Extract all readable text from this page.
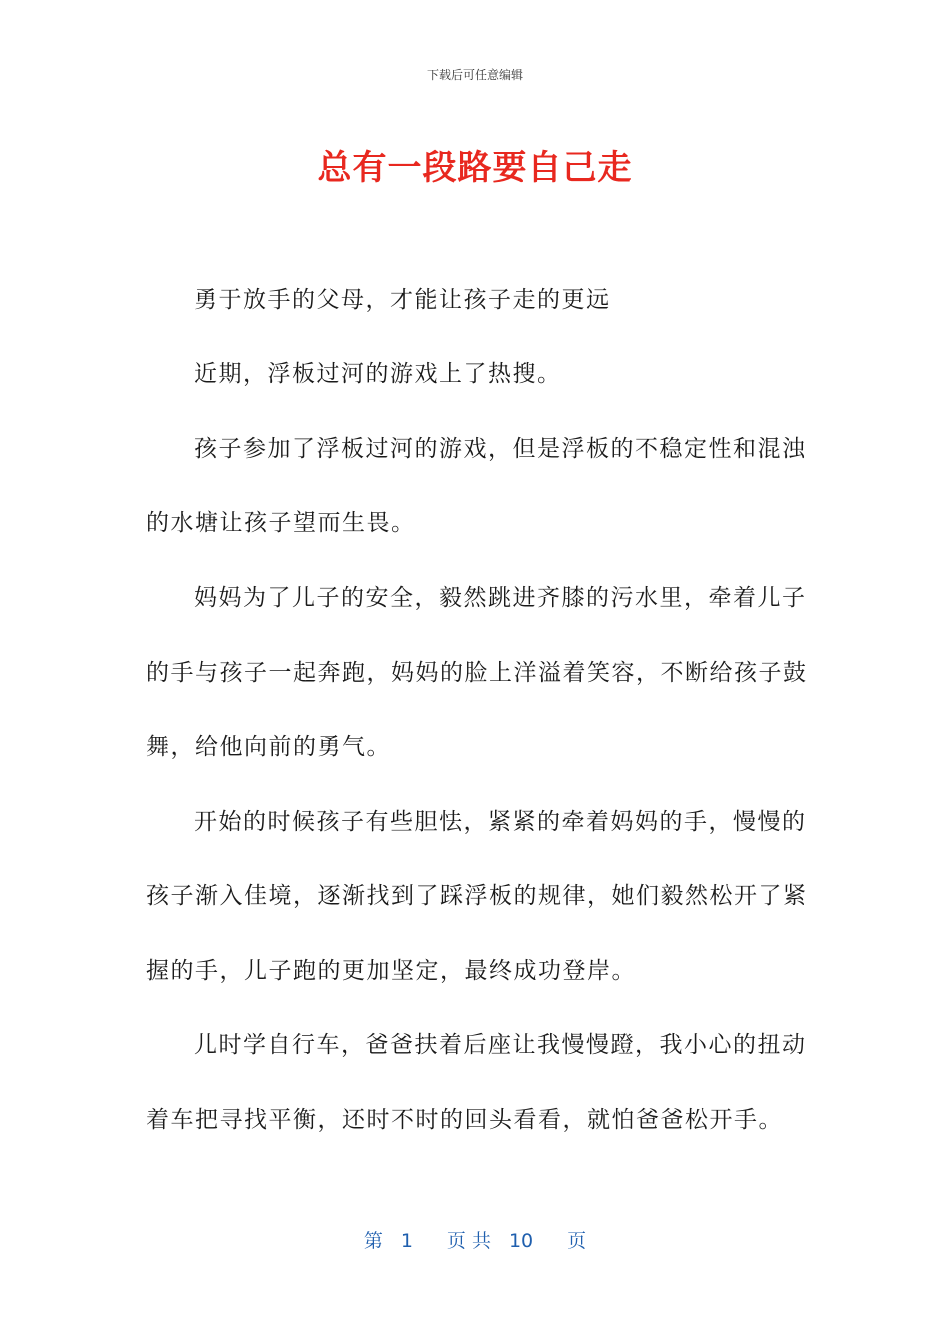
下载后可任意编辑
总有一段路要自己走
勇于放手的父母，才能让孩子走的更远
近期，浮板过河的游戏上了热搜。
孩子参加了浮板过河的游戏，但是浮板的不稳定性和混浊
的水塘让孩子望而生畏。
妈妈为了儿子的安全，毅然跳进齐膝的污水里，牵着儿子
的手与孩子一起奔跑，妈妈的脸上洋溢着笑容，不断给孩子鼓
舞，给他向前的勇气。
开始的时候孩子有些胆怯，紧紧的牵着妈妈的手，慢慢的
孩子渐入佳境，逐渐找到了踩浮板的规律，她们毅然松开了紧
握的手，儿子跑的更加坚定，最终成功登岸。
儿时学自行车，爸爸扶着后座让我慢慢蹬，我小心的扭动
着车把寻找平衡，还时不时的回头看看，就怕爸爸松开手。
第 1 页 共 10 页
